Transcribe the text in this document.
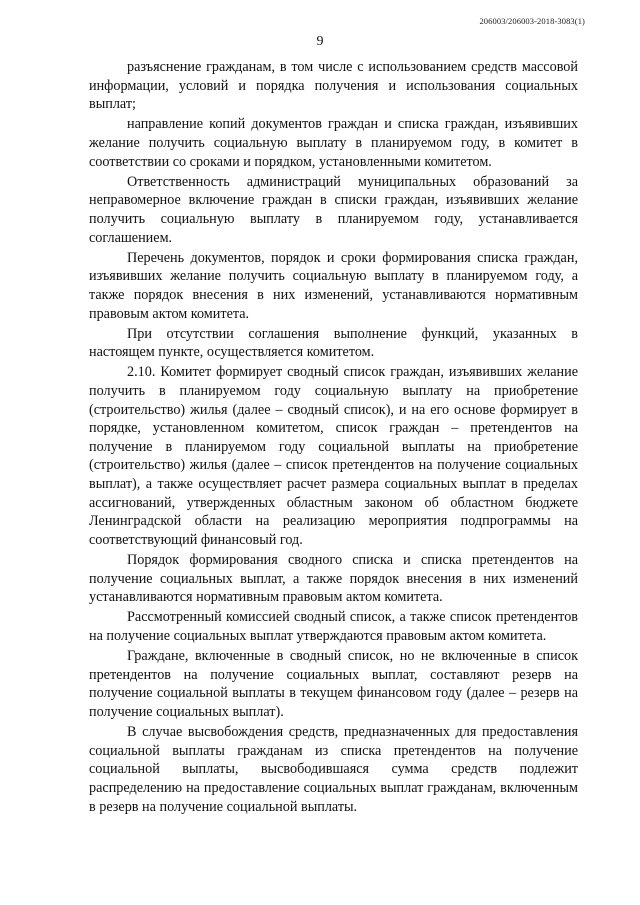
206003/206003-2018-3083(1)
9

разъяснение гражданам, в том числе с использованием средств массовой информации, условий и порядка получения и использования социальных выплат;

направление копий документов граждан и списка граждан, изъявивших желание получить социальную выплату в планируемом году, в комитет в соответствии со сроками и порядком, установленными комитетом.

Ответственность администраций муниципальных образований за неправомерное включение граждан в списки граждан, изъявивших желание получить социальную выплату в планируемом году, устанавливается соглашением.

Перечень документов, порядок и сроки формирования списка граждан, изъявивших желание получить социальную выплату в планируемом году, а также порядок внесения в них изменений, устанавливаются нормативным правовым актом комитета.

При отсутствии соглашения выполнение функций, указанных в настоящем пункте, осуществляется комитетом.

2.10. Комитет формирует сводный список граждан, изъявивших желание получить в планируемом году социальную выплату на приобретение (строительство) жилья (далее – сводный список), и на его основе формирует в порядке, установленном комитетом, список граждан – претендентов на получение в планируемом году социальной выплаты на приобретение (строительство) жилья (далее – список претендентов на получение социальных выплат), а также осуществляет расчет размера социальных выплат в пределах ассигнований, утвержденных областным законом об областном бюджете Ленинградской области на реализацию мероприятия подпрограммы на соответствующий финансовый год.

Порядок формирования сводного списка и списка претендентов на получение социальных выплат, а также порядок внесения в них изменений устанавливаются нормативным правовым актом комитета.

Рассмотренный комиссией сводный список, а также список претендентов на получение социальных выплат утверждаются правовым актом комитета.

Граждане, включенные в сводный список, но не включенные в список претендентов на получение социальных выплат, составляют резерв на получение социальной выплаты в текущем финансовом году (далее – резерв на получение социальных выплат).

В случае высвобождения средств, предназначенных для предоставления социальной выплаты гражданам из списка претендентов на получение социальной выплаты, высвободившаяся сумма средств подлежит распределению на предоставление социальных выплат гражданам, включенным в резерв на получение социальной выплаты.
